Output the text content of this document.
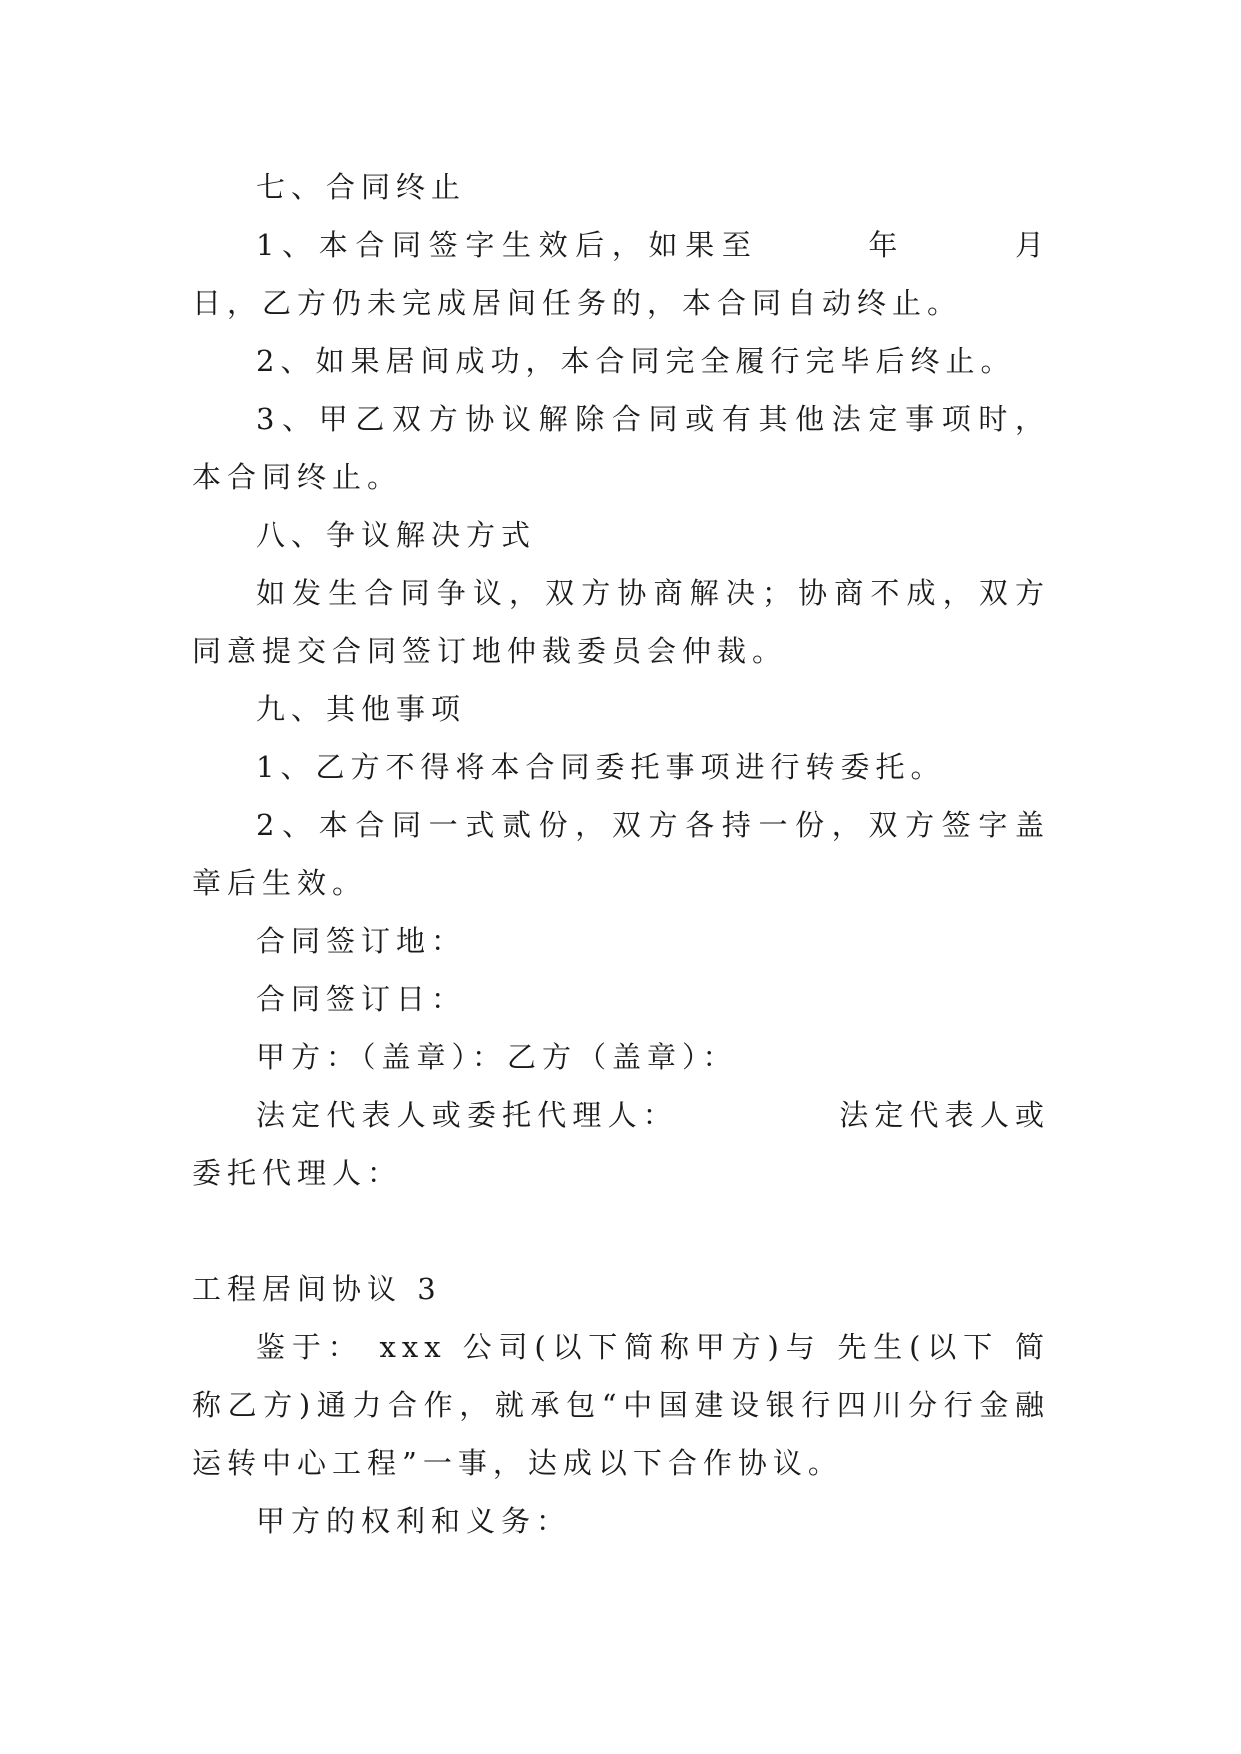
七、合同终止

1、本合同签字生效后，如果至　　　年　　　月　日，乙方仍未完成居间任务的，本合同自动终止。

2、如果居间成功，本合同完全履行完毕后终止。

3、甲乙双方协议解除合同或有其他法定事项时，本合同终止。

八、争议解决方式

如发生合同争议，双方协商解决；协商不成，双方同意提交合同签订地仲裁委员会仲裁。

九、其他事项

1、乙方不得将本合同委托事项进行转委托。

2、本合同一式贰份，双方各持一份，双方签字盖章后生效。

合同签订地：

合同签订日：

甲方：（盖章）：乙方（盖章）：

法定代表人或委托代理人：　　　　　法定代表人或委托代理人：

工程居间协议 3

鉴于： xxx 公司(以下简称甲方)与 先生(以下 简称乙方)通力合作，就承包“中国建设银行四川分行金融运转中心工程”一事，达成以下合作协议。

甲方的权利和义务：
